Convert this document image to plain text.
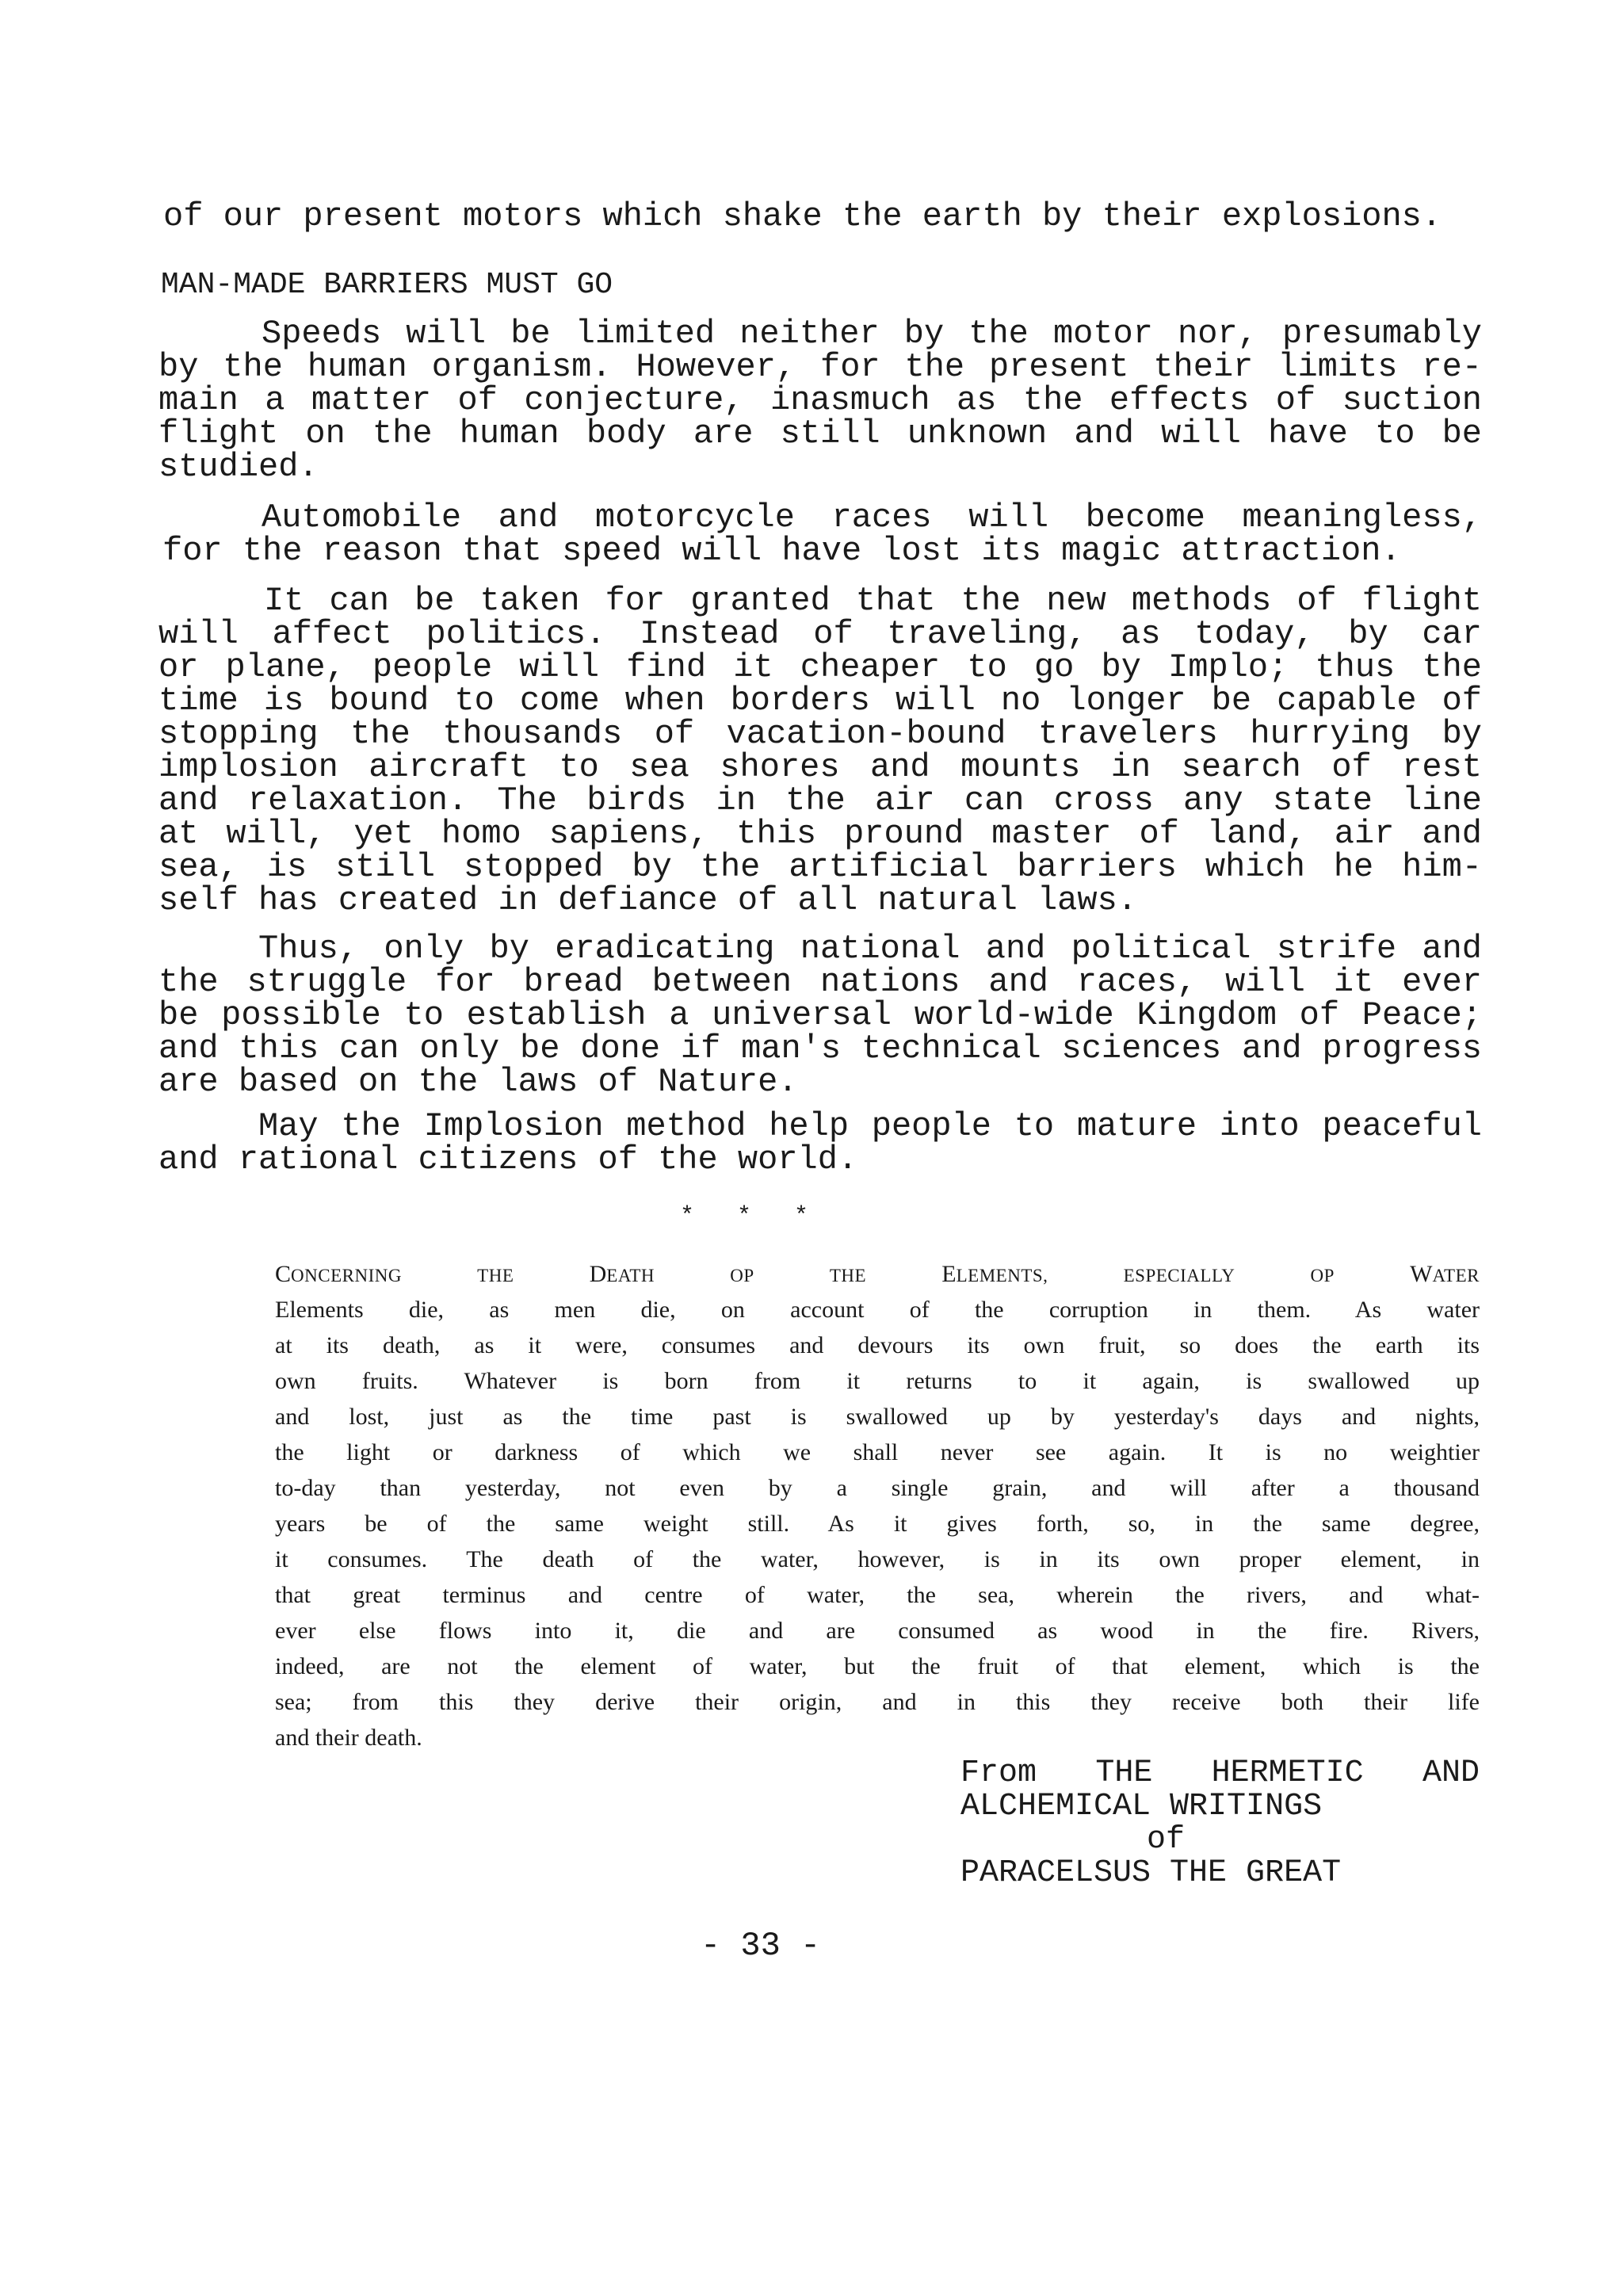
of our present motors which shake the earth by their explosions.
MAN-MADE BARRIERS MUST GO
Speeds will be limited neither by the motor nor, presumably
by the human organism. However, for the present their limits re-
main a matter of conjecture, inasmuch as the effects of suction
flight on the human body are still unknown and will have to be
studied.
Automobile and motorcycle races will become meaningless,
for the reason that speed will have lost its magic attraction.
It can be taken for granted that the new methods of flight
will affect politics. Instead of traveling, as today, by car
or plane, people will find it cheaper to go by Implo; thus the
time is bound to come when borders will no longer be capable of
stopping the thousands of vacation-bound travelers hurrying by
implosion aircraft to sea shores and mounts in search of rest
and relaxation. The birds in the air can cross any state line
at will, yet homo sapiens, this pround master of land, air and
sea, is still stopped by the artificial barriers which he him-
self has created in defiance of all natural laws.
Thus, only by eradicating national and political strife and
the struggle for bread between nations and races, will it ever
be possible to establish a universal world-wide Kingdom of Peace;
and this can only be done if man's technical sciences and progress
are based on the laws of Nature.
May the Implosion method help people to mature into peaceful
and rational citizens of the world.
*   *   *
CONCERNING	THE	DEATH	OP	THE	ELEMENTS,	ESPECIALLY	OP	WATER
Elements die, as men die, on account of the corruption in them. As water
at its death, as it were, consumes and devours its own fruit, so does the earth its
own fruits. Whatever is born from it returns to it again, is swallowed up
and lost, just as the time past is swallowed up by yesterday's days and nights,
the light or darkness of which we shall never see again. It is no weightier
to-day than yesterday, not even by a single grain, and will after a thousand
years be of the same weight still. As it gives forth, so, in the same degree,
it consumes. The death of the water, however, is in its own proper element, in
that great terminus and centre of water, the sea, wherein the rivers, and what-
ever else flows into it, die and are consumed as wood in the fire. Rivers,
indeed, are not the element of water, but the fruit of that element, which is the
sea; from this they derive their origin, and in this they receive both their life
and their death.
From THE HERMETIC AND
ALCHEMICAL WRITINGS
of
PARACELSUS THE GREAT
- 33 -
